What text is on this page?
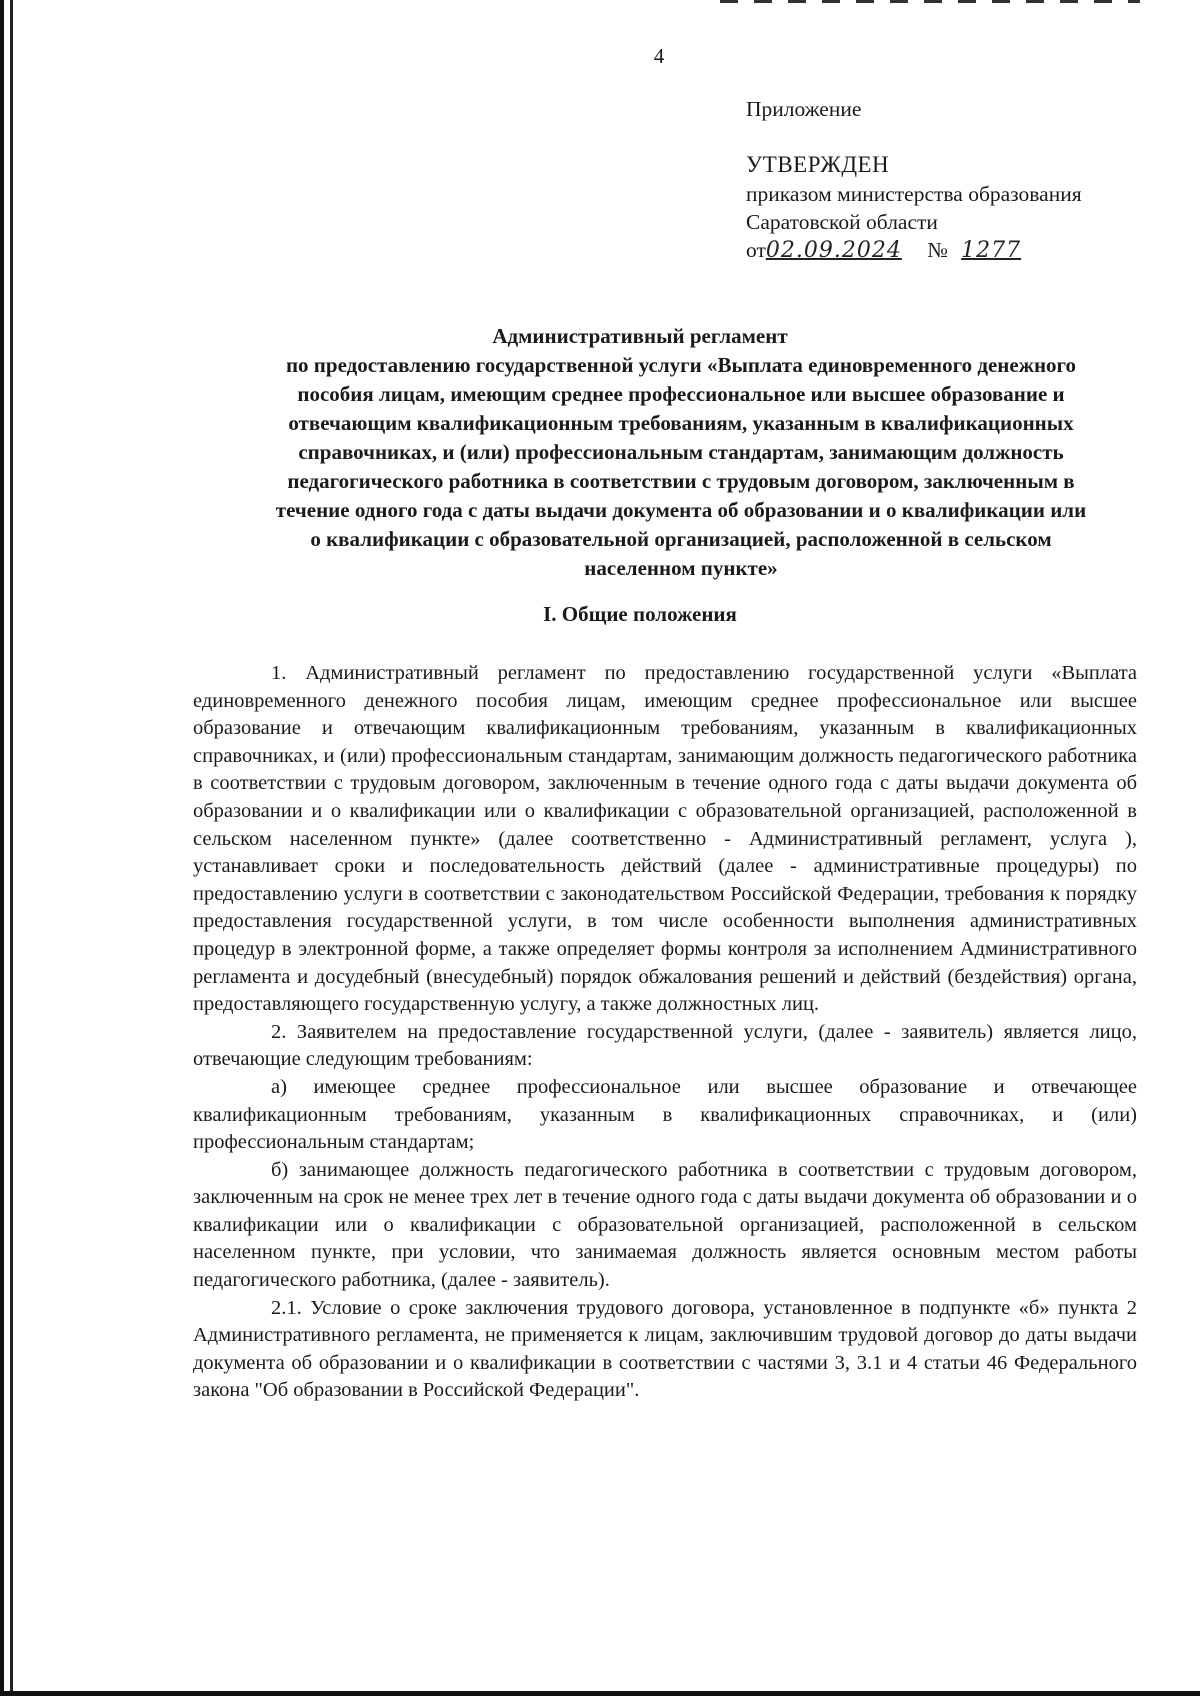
4
Приложение
УТВЕРЖДЕН
приказом министерства образования
Саратовской области
от02.09.2024 № 1277
Административный регламент
по предоставлению государственной услуги «Выплата единовременного денежного пособия лицам, имеющим среднее профессиональное или высшее образование и отвечающим квалификационным требованиям, указанным в квалификационных справочниках, и (или) профессиональным стандартам, занимающим должность педагогического работника в соответствии с трудовым договором, заключенным в течение одного года с даты выдачи документа об образовании и о квалификации или о квалификации с образовательной организацией, расположенной в сельском населенном пункте»
I. Общие положения

1. Административный регламент по предоставлению государственной услуги «Выплата единовременного денежного пособия лицам, имеющим среднее профессиональное или высшее образование и отвечающим квалификационным требованиям, указанным в квалификационных справочниках, и (или) профессиональным стандартам, занимающим должность педагогического работника в соответствии с трудовым договором, заключенным в течение одного года с даты выдачи документа об образовании и о квалификации или о квалификации с образовательной организацией, расположенной в сельском населенном пункте» (далее соответственно - Административный регламент, услуга ), устанавливает сроки и последовательность действий (далее - административные процедуры) по предоставлению услуги в соответствии с законодательством Российской Федерации, требования к порядку предоставления государственной услуги, в том числе особенности выполнения административных процедур в электронной форме, а также определяет формы контроля за исполнением Административного регламента и досудебный (внесудебный) порядок обжалования решений и действий (бездействия) органа, предоставляющего государственную услугу, а также должностных лиц.

2. Заявителем на предоставление государственной услуги, (далее - заявитель) является лицо, отвечающие следующим требованиям:

а) имеющее среднее профессиональное или высшее образование и отвечающее квалификационным требованиям, указанным в квалификационных справочниках, и (или) профессиональным стандартам;

б) занимающее должность педагогического работника в соответствии с трудовым договором, заключенным на срок не менее трех лет в течение одного года с даты выдачи документа об образовании и о квалификации или о квалификации с образовательной организацией, расположенной в сельском населенном пункте, при условии, что занимаемая должность является основным местом работы педагогического работника, (далее - заявитель).

2.1. Условие о сроке заключения трудового договора, установленное в подпункте «б» пункта 2 Административного регламента, не применяется к лицам, заключившим трудовой договор до даты выдачи документа об образовании и о квалификации в соответствии с частями 3, 3.1 и 4 статьи 46 Федерального закона "Об образовании в Российской Федерации".
